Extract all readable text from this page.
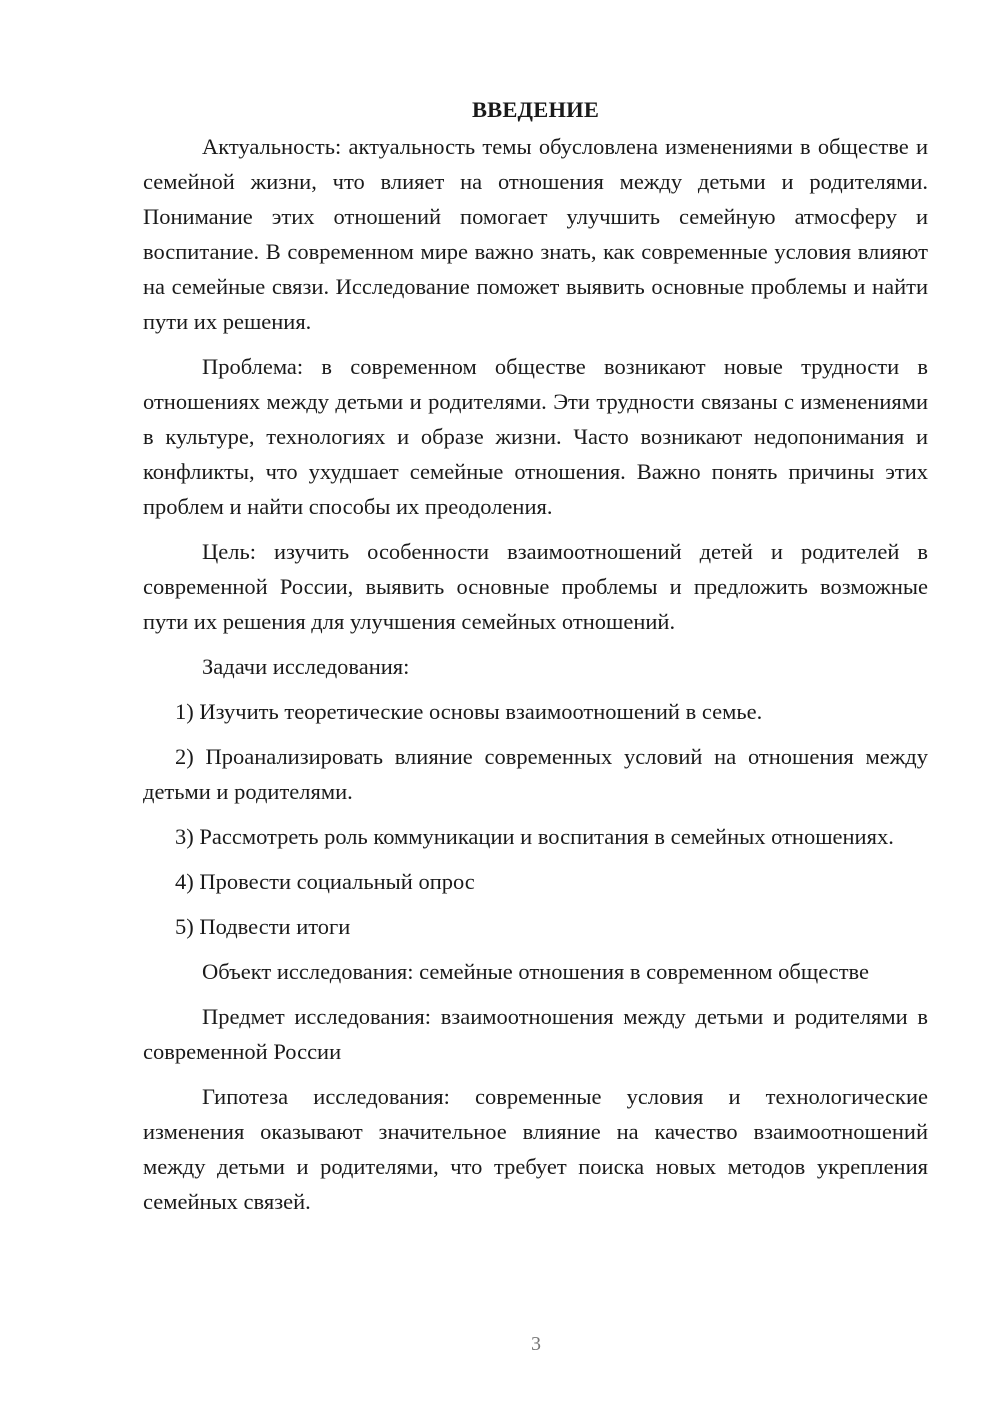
ВВЕДЕНИЕ

Актуальность: актуальность темы обусловлена изменениями в обществе и семейной жизни, что влияет на отношения между детьми и родителями. Понимание этих отношений помогает улучшить семейную атмосферу и воспитание. В современном мире важно знать, как современные условия влияют на семейные связи. Исследование поможет выявить основные проблемы и найти пути их решения.

Проблема: в современном обществе возникают новые трудности в отношениях между детьми и родителями. Эти трудности связаны с изменениями в культуре, технологиях и образе жизни. Часто возникают недопонимания и конфликты, что ухудшает семейные отношения. Важно понять причины этих проблем и найти способы их преодоления.

Цель: изучить особенности взаимоотношений детей и родителей в современной России, выявить основные проблемы и предложить возможные пути их решения для улучшения семейных отношений.

Задачи исследования:

1) Изучить теоретические основы взаимоотношений в семье.

2) Проанализировать влияние современных условий на отношения между детьми и родителями.

3) Рассмотреть роль коммуникации и воспитания в семейных отношениях.

4) Провести социальный опрос

5) Подвести итоги

Объект исследования: семейные отношения в современном обществе

Предмет исследования: взаимоотношения между детьми и родителями в современной России

Гипотеза исследования: современные условия и технологические изменения оказывают значительное влияние на качество взаимоотношений между детьми и родителями, что требует поиска новых методов укрепления семейных связей.

3
